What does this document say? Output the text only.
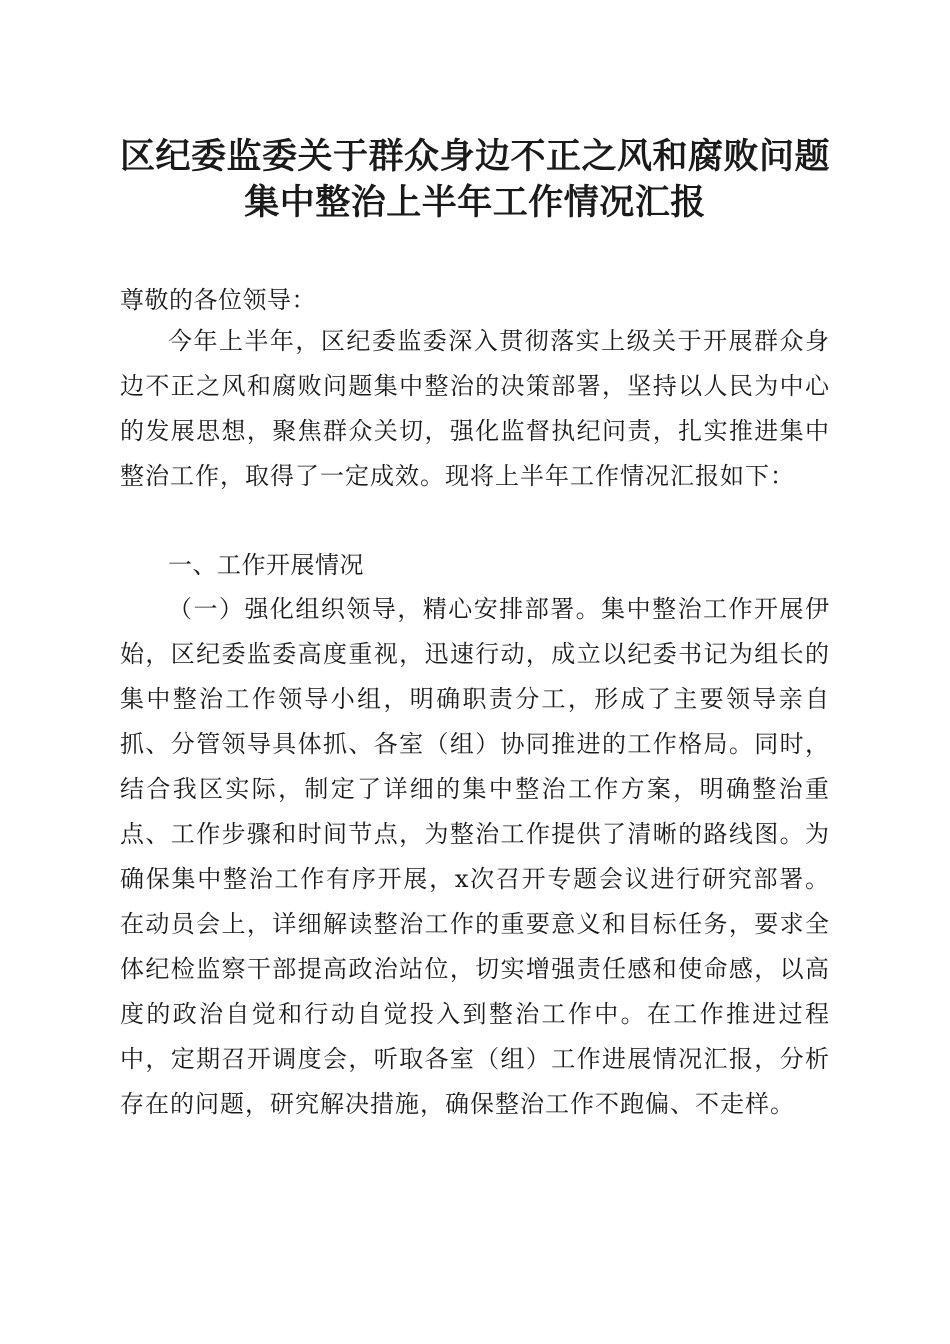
区纪委监委关于群众身边不正之风和腐败问题
集中整治上半年工作情况汇报
尊敬的各位领导：
今年上半年，区纪委监委深入贯彻落实上级关于开展群众身边不正之风和腐败问题集中整治的决策部署，坚持以人民为中心的发展思想，聚焦群众关切，强化监督执纪问责，扎实推进集中整治工作，取得了一定成效。现将上半年工作情况汇报如下：
一、工作开展情况
（一）强化组织领导，精心安排部署。集中整治工作开展伊始，区纪委监委高度重视，迅速行动，成立以纪委书记为组长的集中整治工作领导小组，明确职责分工，形成了主要领导亲自抓、分管领导具体抓、各室（组）协同推进的工作格局。同时，结合我区实际，制定了详细的集中整治工作方案，明确整治重点、工作步骤和时间节点，为整治工作提供了清晰的路线图。为确保集中整治工作有序开展，x次召开专题会议进行研究部署。在动员会上，详细解读整治工作的重要意义和目标任务，要求全体纪检监察干部提高政治站位，切实增强责任感和使命感，以高度的政治自觉和行动自觉投入到整治工作中。在工作推进过程中，定期召开调度会，听取各室（组）工作进展情况汇报，分析存在的问题，研究解决措施，确保整治工作不跑偏、不走样。
